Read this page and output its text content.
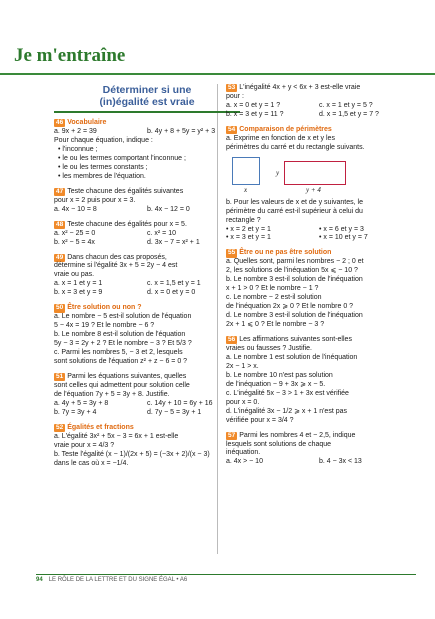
Je m'entraîne
Déterminer si une
(in)égalité est vraie
46 Vocabulaire
a. 9x + 2 = 39	b. 4y + 8 + 5y = y² + 3
Pour chaque équation, indique :
• l'inconnue ;
• le ou les termes comportant l'inconnue ;
• le ou les termes constants ;
• les membres de l'équation.
47 Teste chacune des égalités suivantes
pour x = 2 puis pour x = 3.
a. 4x − 10 = 8	b. 4x − 12 = 0
48 Teste chacune des égalités pour x = 5.
a. x² − 25 = 0	c. x² = 10
b. x² − 5 = 4x	d. 3x − 7 = x² + 1
49 Dans chacun des cas proposés,
détermine si l'égalité 3x + 5 = 2y − 4 est
vraie ou pas.
a. x = 1 et y = 1	c. x = 1,5 et y = 1
b. x = 3 et y = 9	d. x = 0 et y = 0
50 Être solution ou non ?
a. Le nombre − 5 est-il solution de l'équation
5 − 4x = 19 ? Et le nombre − 6 ?
b. Le nombre 8 est-il solution de l'équation
5y − 3 = 2y + 2 ? Et le nombre − 3 ? Et 5/3 ?
c. Parmi les nombres 5, − 3 et 2, lesquels
sont solutions de l'équation z² + z − 6 = 0 ?
51 Parmi les équations suivantes, quelles
sont celles qui admettent pour solution celle
de l'équation 7y + 5 = 3y + 8. Justifie.
a. 4y + 5 = 3y + 8	c. 14y + 10 = 6y + 16
b. 7y = 3y + 4	d. 7y − 5 = 3y + 1
52 Égalités et fractions
a. L'égalité 3x² + 5x − 3 = 6x + 1 est-elle
vraie pour x = 4/3 ?
b. Teste l'égalité (x − 1)/(2x + 5) = (−3x + 2)/(x − 3)
dans le cas où x = −1/4.
53 L'inégalité 4x + y < 6x + 3 est-elle vraie
pour :
a. x = 0 et y = 1 ?	c. x = 1 et y = 5 ?
b. x = 3 et y = 11 ?	d. x = 1,5 et y = 7 ?
54 Comparaison de périmètres
a. Exprime en fonction de x et y les
périmètres du carré et du rectangle suivants.
x
y
y + 4
b. Pour les valeurs de x et de y suivantes, le
périmètre du carré est-il supérieur à celui du
rectangle ?
• x = 2 et y = 1	• x = 6 et y = 3
• x = 3 et y = 1	• x = 10 et y = 7
55 Être ou ne pas être solution
a. Quelles sont, parmi les nombres − 2 ; 0 et
2, les solutions de l'inéquation 5x ⩽ − 10 ?
b. Le nombre 3 est-il solution de l'inéquation
x + 1 > 0 ? Et le nombre − 1 ?
c. Le nombre − 2 est-il solution
de l'inéquation 2x ⩾ 0 ? Et le nombre 0 ?
d. Le nombre 3 est-il solution de l'inéquation
2x + 1 ⩽ 0 ? Et le nombre − 3 ?
56 Les affirmations suivantes sont-elles
vraies ou fausses ? Justifie.
a. Le nombre 1 est solution de l'inéquation
2x − 1 > x.
b. Le nombre 10 n'est pas solution
de l'inéquation − 9 + 3x ⩾ x − 5.
c. L'inégalité 5x − 3 > 1 + 3x est vérifiée
pour x = 0.
d. L'inégalité 3x − 1/2 ⩾ x + 1 n'est pas
vérifiée pour x = 3/4 ?
57 Parmi les nombres 4 et − 2,5, indique
lesquels sont solutions de chaque
inéquation.
a. 4x > − 10	b. 4 − 3x < 13
94 LE RÔLE DE LA LETTRE ET DU SIGNE ÉGAL • A6
